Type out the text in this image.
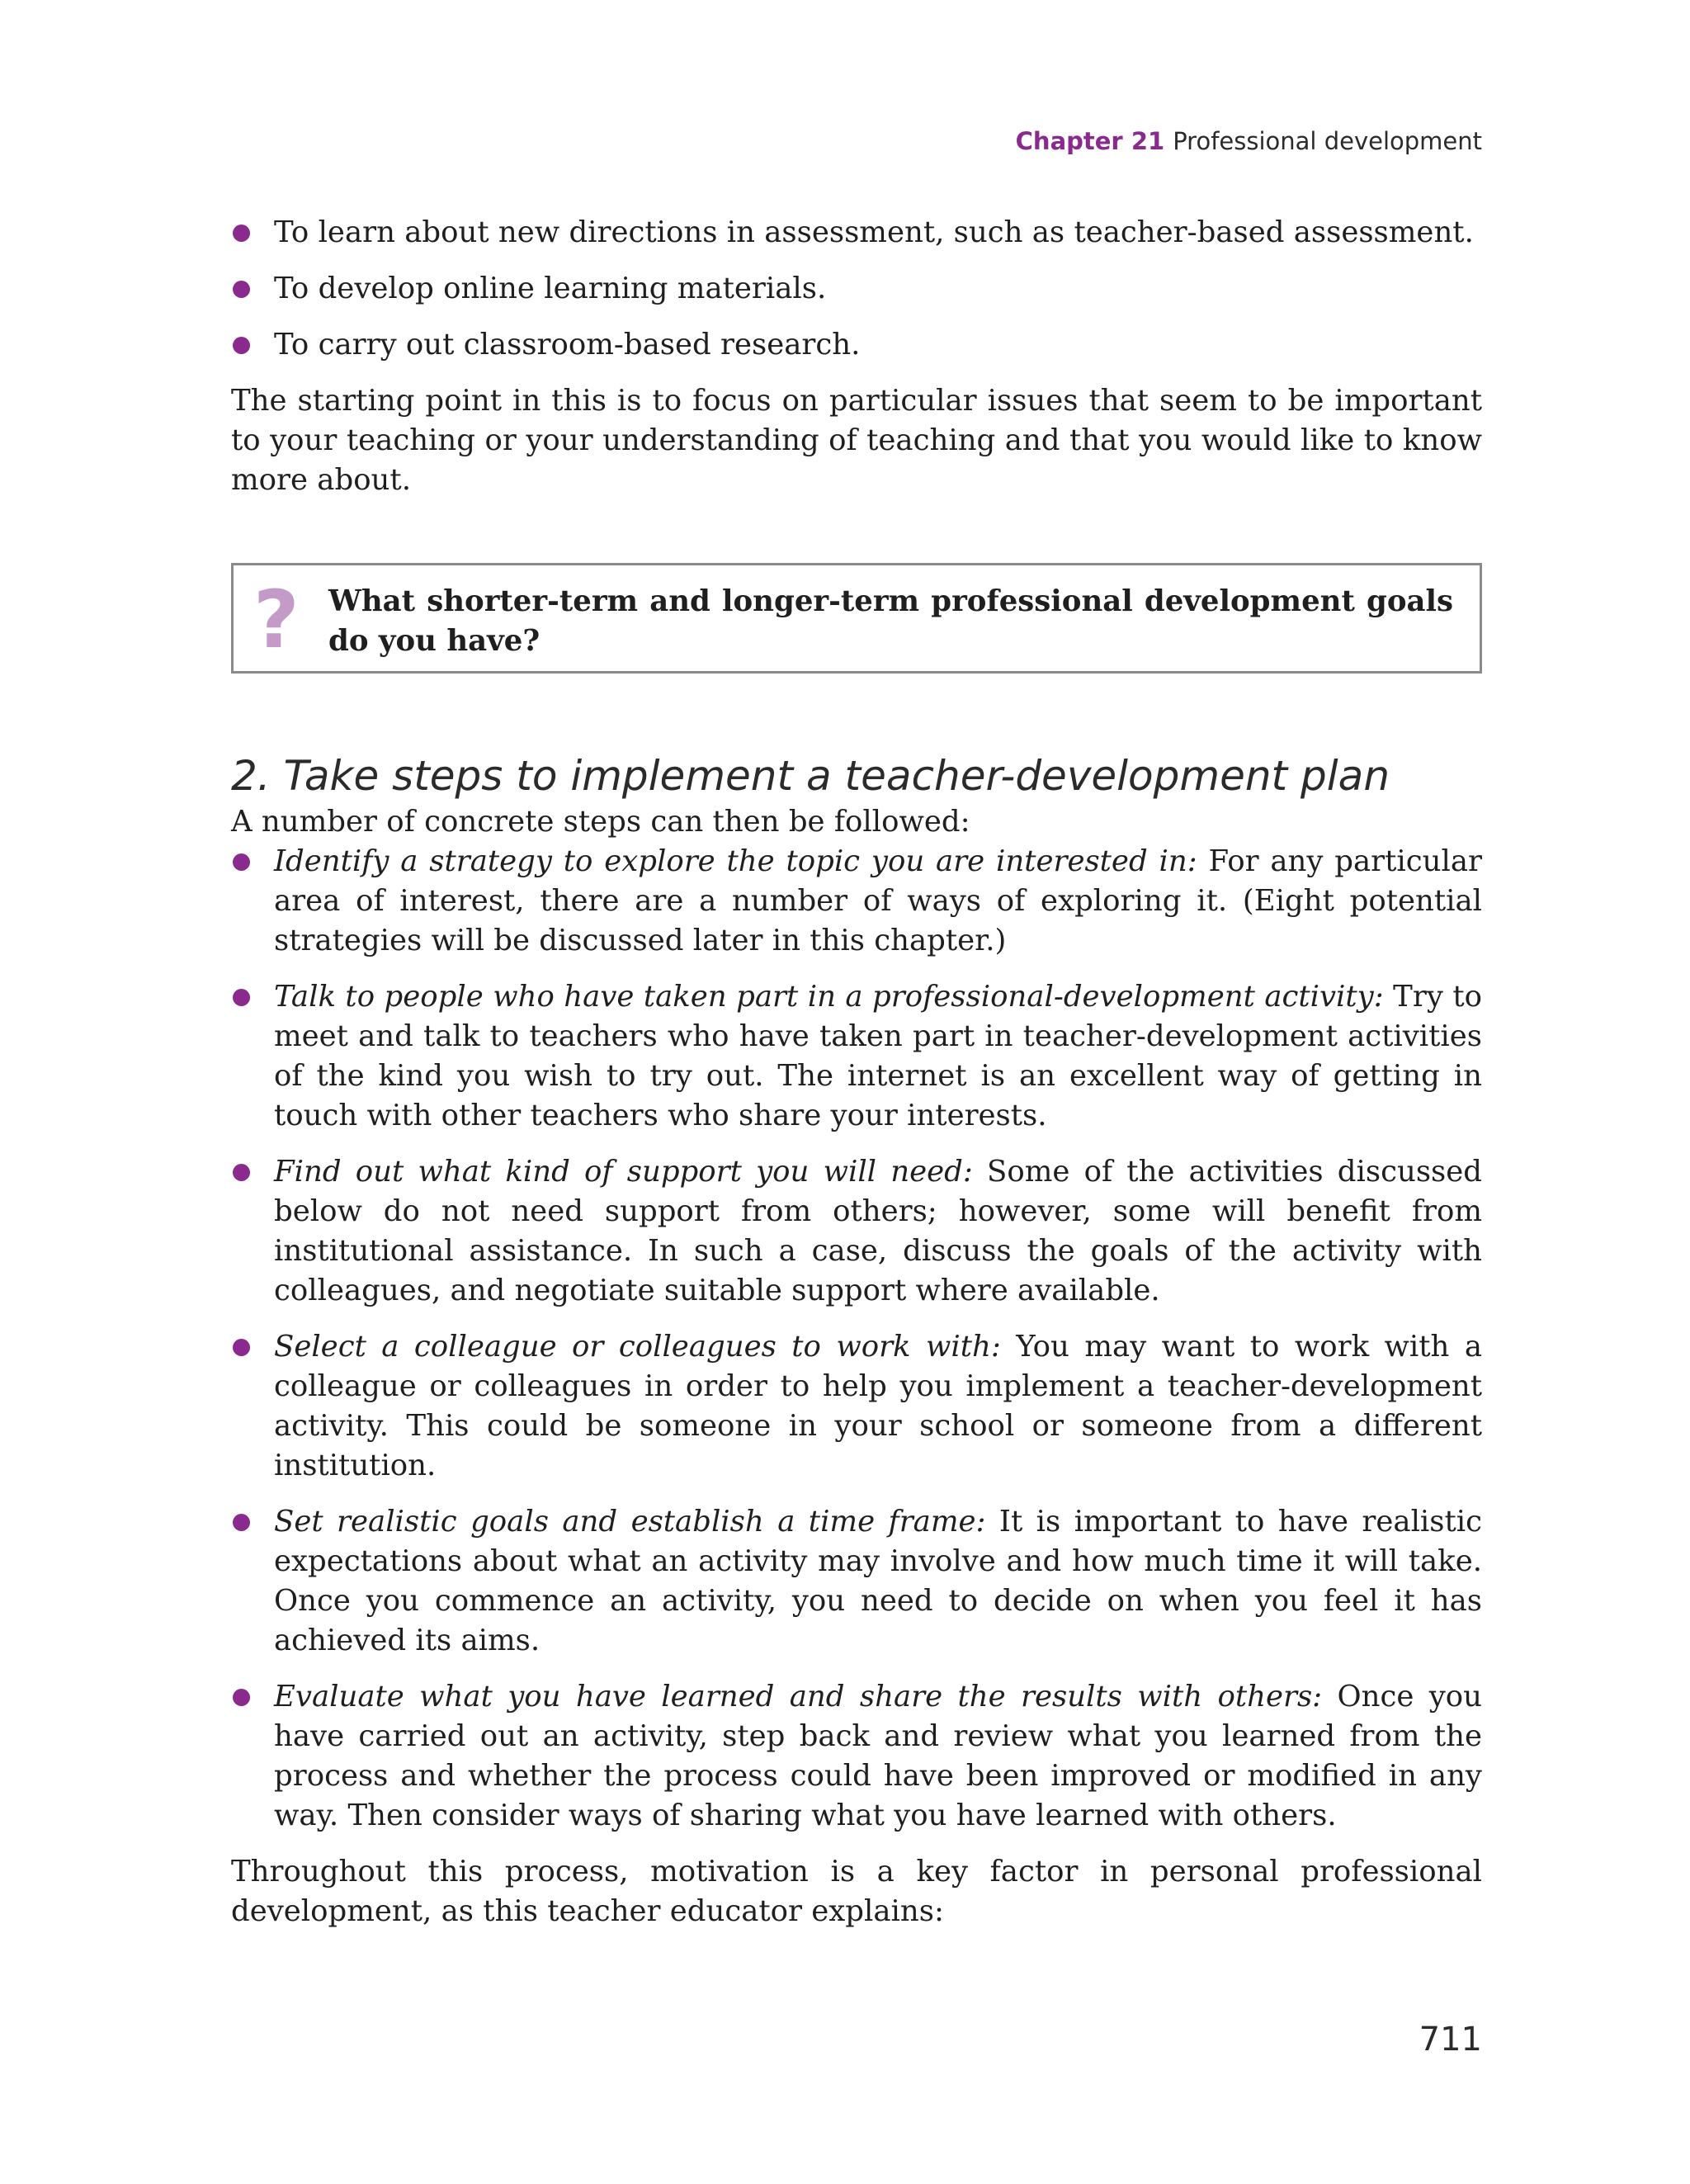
Chapter 21 Professional development
To learn about new directions in assessment, such as teacher-based assessment.
To develop online learning materials.
To carry out classroom-based research.

The starting point in this is to focus on particular issues that seem to be important to your teaching or your understanding of teaching and that you would like to know more about.

? What shorter-term and longer-term professional development goals do you have?
2. Take steps to implement a teacher-development plan

A number of concrete steps can then be followed:

Identify a strategy to explore the topic you are interested in: For any particular area of interest, there are a number of ways of exploring it. (Eight potential strategies will be discussed later in this chapter.)
Talk to people who have taken part in a professional-development activity: Try to meet and talk to teachers who have taken part in teacher-development activities of the kind you wish to try out. The internet is an excellent way of getting in touch with other teachers who share your interests.
Find out what kind of support you will need: Some of the activities discussed below do not need support from others; however, some will benefit from institutional assistance. In such a case, discuss the goals of the activity with colleagues, and negotiate suitable support where available.
Select a colleague or colleagues to work with: You may want to work with a colleague or colleagues in order to help you implement a teacher-development activity. This could be someone in your school or someone from a different institution.
Set realistic goals and establish a time frame: It is important to have realistic expectations about what an activity may involve and how much time it will take. Once you commence an activity, you need to decide on when you feel it has achieved its aims.
Evaluate what you have learned and share the results with others: Once you have carried out an activity, step back and review what you learned from the process and whether the process could have been improved or modified in any way. Then consider ways of sharing what you have learned with others.

Throughout this process, motivation is a key factor in personal professional development, as this teacher educator explains:

711
